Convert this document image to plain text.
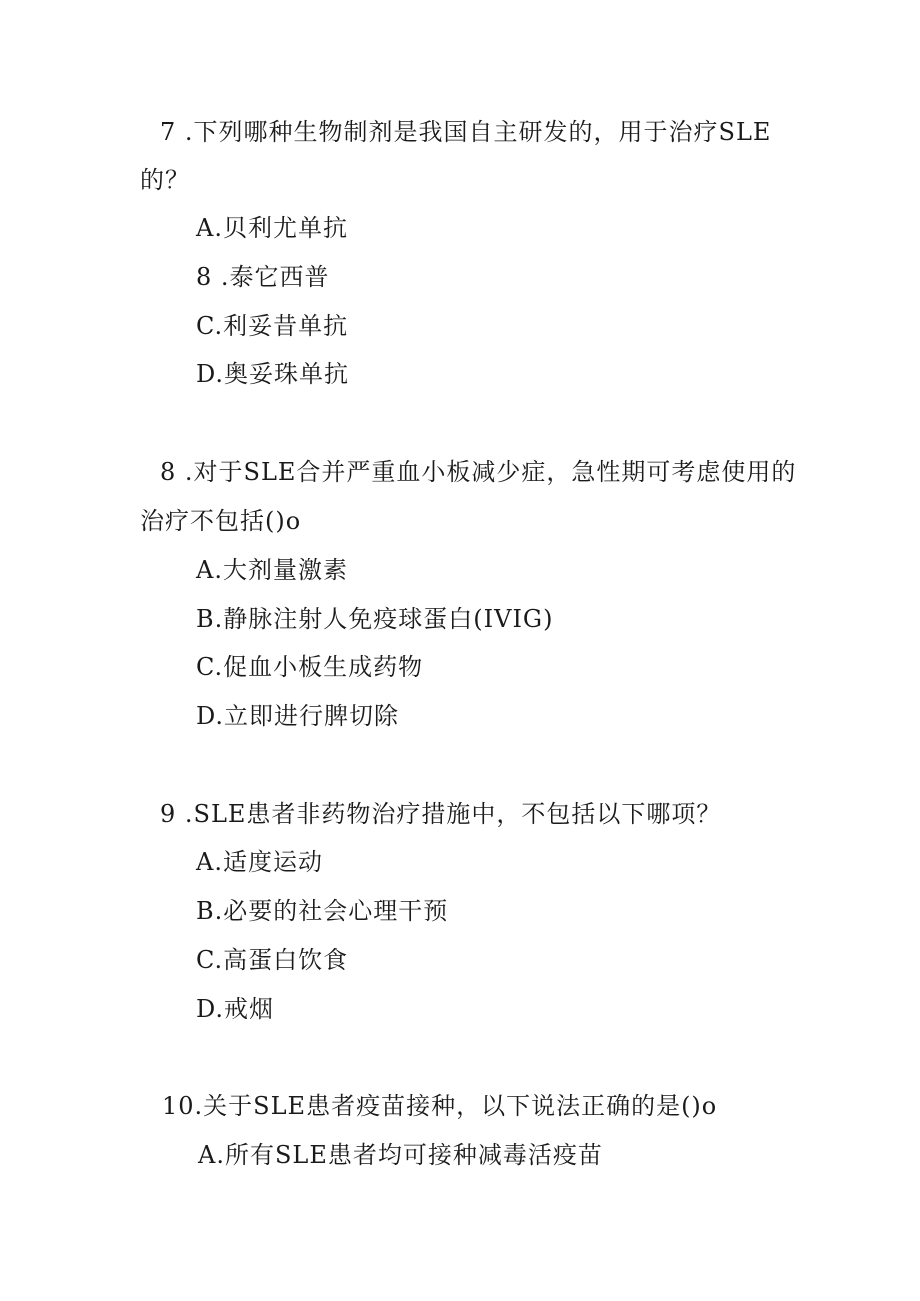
7 .下列哪种生物制剂是我国自主研发的，用于治疗SLE
的？
A.贝利尤单抗
8 .泰它西普
C.利妥昔单抗
D.奥妥珠单抗
8 .对于SLE合并严重血小板减少症，急性期可考虑使用的
治疗不包括()o
A.大剂量激素
B.静脉注射人免疫球蛋白(IVIG)
C.促血小板生成药物
D.立即进行脾切除
9 .SLE患者非药物治疗措施中，不包括以下哪项？
A.适度运动
B.必要的社会心理干预
C.高蛋白饮食
D.戒烟
10.关于SLE患者疫苗接种，以下说法正确的是()o
A.所有SLE患者均可接种减毒活疫苗
